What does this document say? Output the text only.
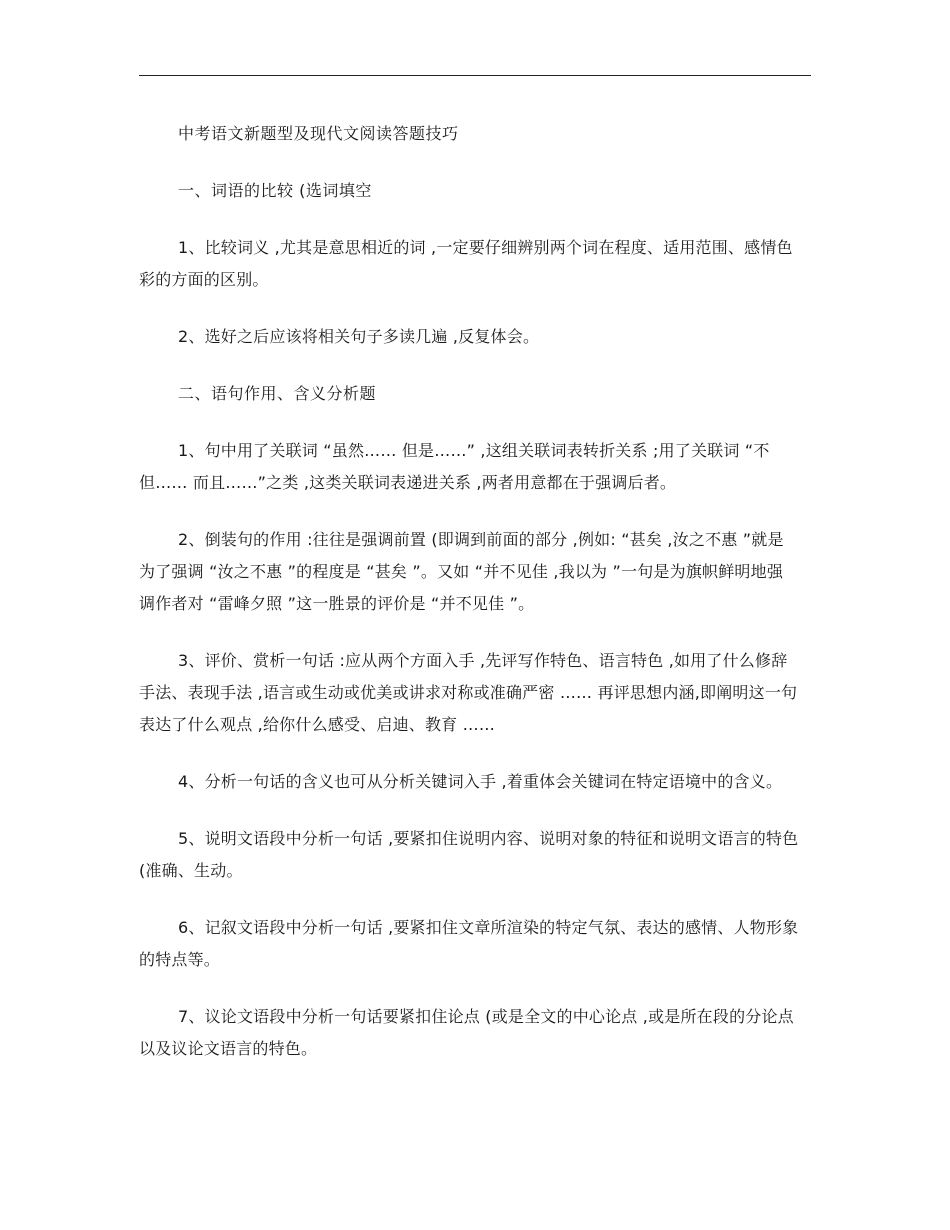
中考语文新题型及现代文阅读答题技巧

一、词语的比较 (选词填空

1、比较词义 ,尤其是意思相近的词 ,一定要仔细辨别两个词在程度、适用范围、感情色彩的方面的区别。

2、选好之后应该将相关句子多读几遍 ,反复体会。

二、语句作用、含义分析题

1、句中用了关联词 “虽然…… 但是……” ,这组关联词表转折关系 ;用了关联词 “不但…… 而且……”之类 ,这类关联词表递进关系 ,两者用意都在于强调后者。

2、倒装句的作用 :往往是强调前置 (即调到前面的部分 ,例如: “甚矣 ,汝之不惠 ”就是为了强调 “汝之不惠 ”的程度是 “甚矣 ”。又如 “并不见佳 ,我以为 ”一句是为旗帜鲜明地强调作者对 “雷峰夕照 ”这一胜景的评价是 “并不见佳 ”。

3、评价、赏析一句话 :应从两个方面入手 ,先评写作特色、语言特色 ,如用了什么修辞手法、表现手法 ,语言或生动或优美或讲求对称或准确严密 …… 再评思想内涵,即阐明这一句表达了什么观点 ,给你什么感受、启迪、教育 ……

4、分析一句话的含义也可从分析关键词入手 ,着重体会关键词在特定语境中的含义。

5、说明文语段中分析一句话 ,要紧扣住说明内容、说明对象的特征和说明文语言的特色 (准确、生动。

6、记叙文语段中分析一句话 ,要紧扣住文章所渲染的特定气氛、表达的感情、人物形象的特点等。

7、议论文语段中分析一句话要紧扣住论点 (或是全文的中心论点 ,或是所在段的分论点以及议论文语言的特色。
